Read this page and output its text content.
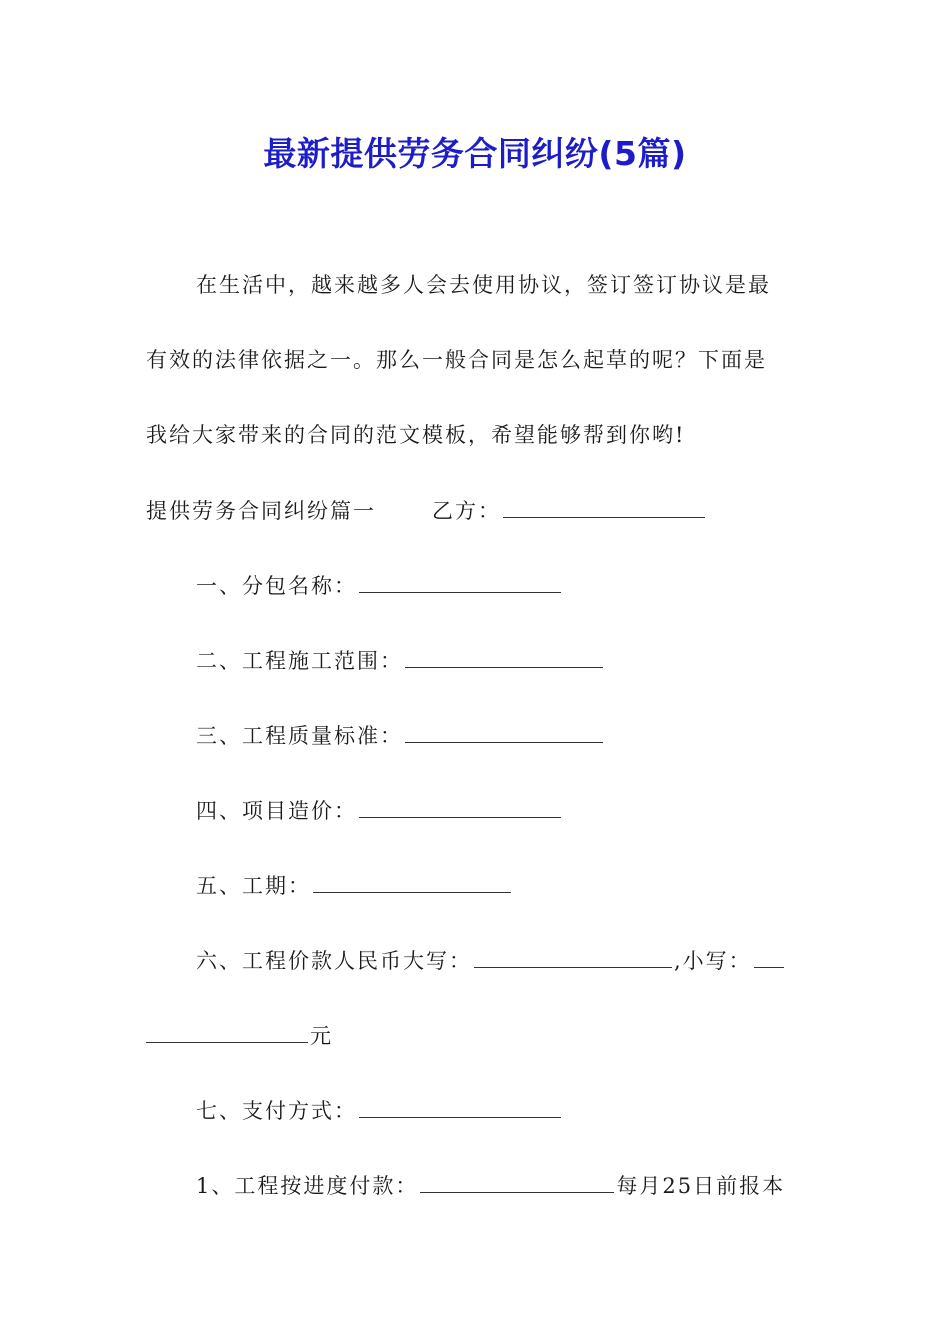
最新提供劳务合同纠纷(5篇)
在生活中，越来越多人会去使用协议，签订签订协议是最
有效的法律依据之一。那么一般合同是怎么起草的呢？下面是
我给大家带来的合同的范文模板，希望能够帮到你哟!
提供劳务合同纠纷篇一	乙方：
一、分包名称：
二、工程施工范围：
三、工程质量标准：
四、项目造价：
五、工期：
六、工程价款人民币大写：	,小写：
元
七、支付方式：
1、工程按进度付款：	每月25日前报本
